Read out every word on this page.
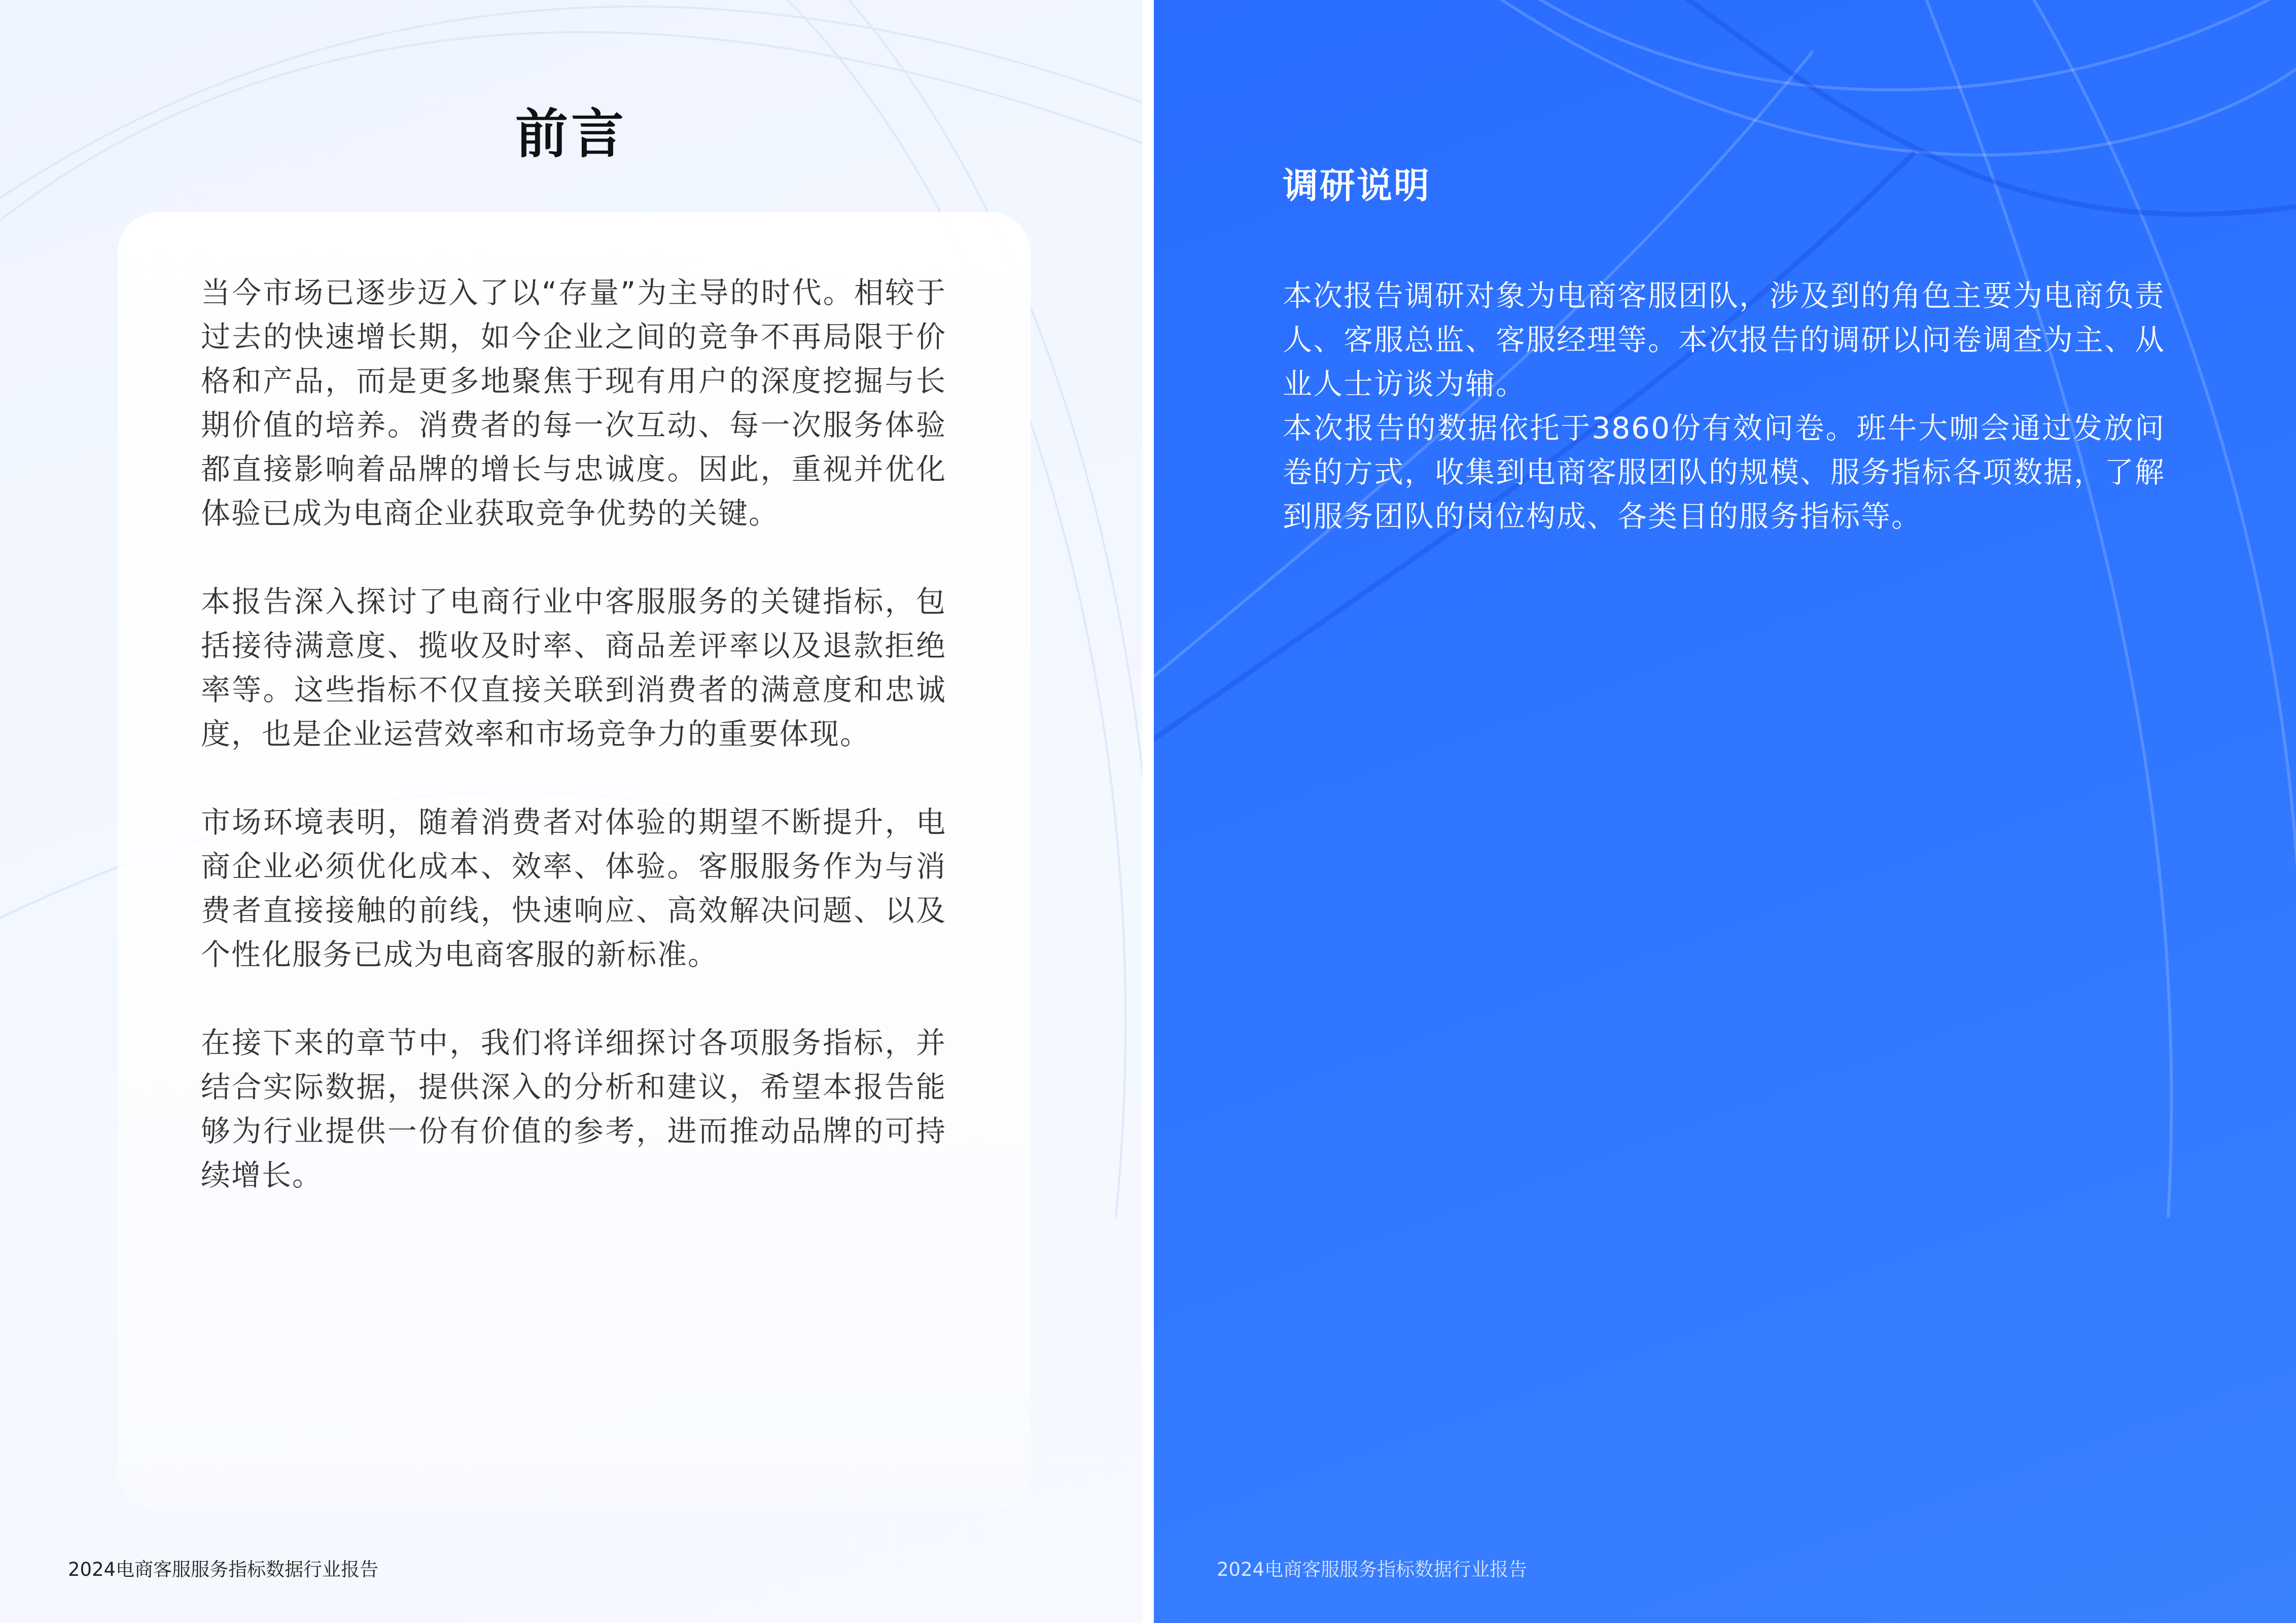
前言

当今市场已逐步迈入了以“存量”为主导的时代。相较于过去的快速增长期，如今企业之间的竞争不再局限于价格和产品，而是更多地聚焦于现有用户的深度挖掘与长期价值的培养。消费者的每一次互动、每一次服务体验都直接影响着品牌的增长与忠诚度。因此，重视并优化体验已成为电商企业获取竞争优势的关键。

本报告深入探讨了电商行业中客服服务的关键指标，包括接待满意度、揽收及时率、商品差评率以及退款拒绝率等。这些指标不仅直接关联到消费者的满意度和忠诚度，也是企业运营效率和市场竞争力的重要体现。

市场环境表明，随着消费者对体验的期望不断提升，电商企业必须优化成本、效率、体验。客服服务作为与消费者直接接触的前线，快速响应、高效解决问题、以及个性化服务已成为电商客服的新标准。

在接下来的章节中，我们将详细探讨各项服务指标，并结合实际数据，提供深入的分析和建议，希望本报告能够为行业提供一份有价值的参考，进而推动品牌的可持续增长。

2024电商客服服务指标数据行业报告
调研说明

本次报告调研对象为电商客服团队，涉及到的角色主要为电商负责人、客服总监、客服经理等。本次报告的调研以问卷调查为主、从业人士访谈为辅。

本次报告的数据依托于3860份有效问卷。班牛大咖会通过发放问卷的方式，收集到电商客服团队的规模、服务指标各项数据，了解到服务团队的岗位构成、各类目的服务指标等。

2024电商客服服务指标数据行业报告
